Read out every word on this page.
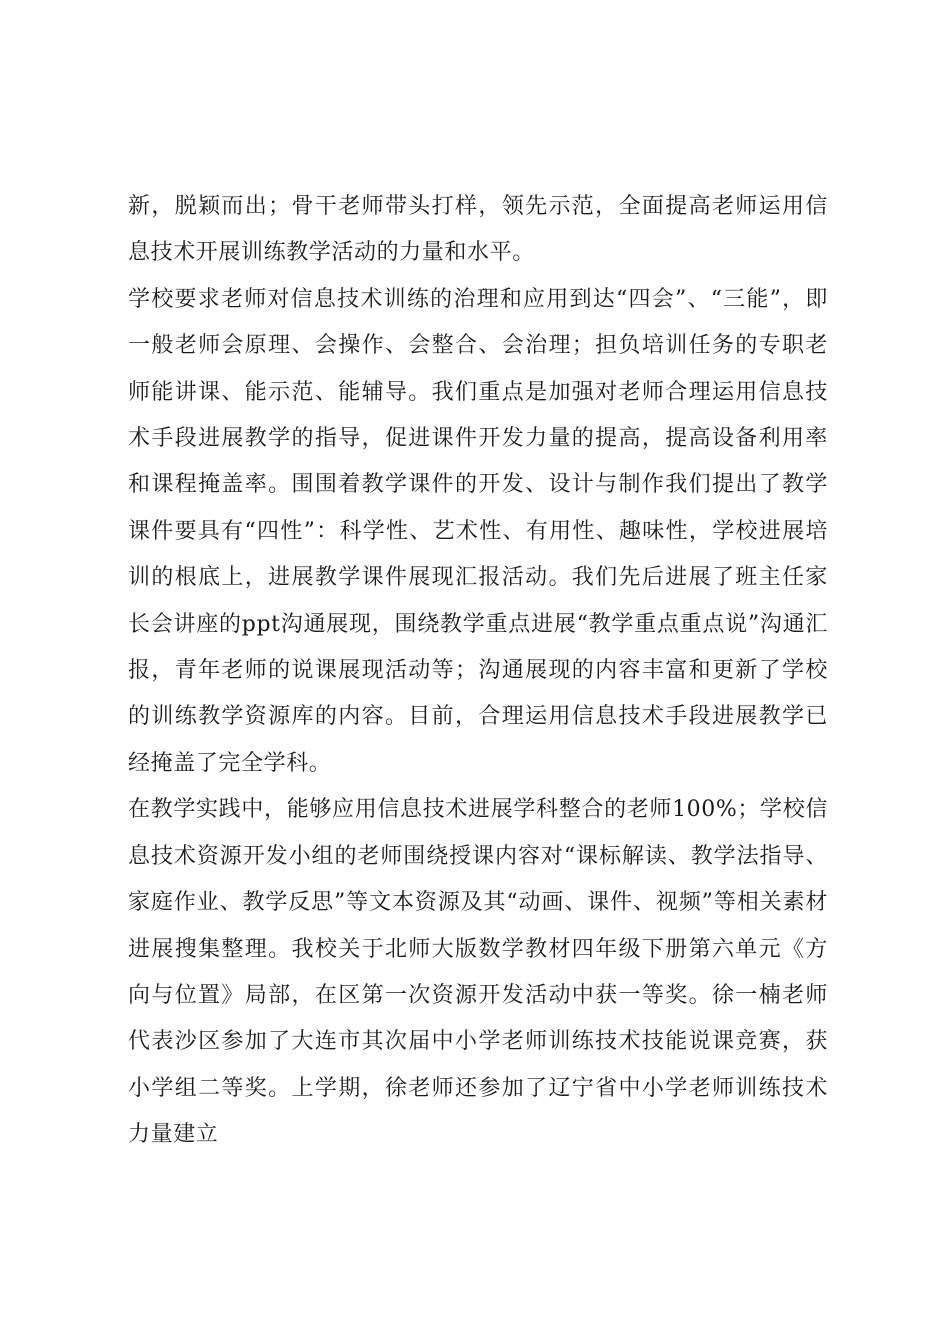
新，脱颖而出；骨干老师带头打样，领先示范，全面提高老师运用信息技术开展训练教学活动的力量和水平。

学校要求老师对信息技术训练的治理和应用到达“四会”、“三能”，即一般老师会原理、会操作、会整合、会治理；担负培训任务的专职老师能讲课、能示范、能辅导。我们重点是加强对老师合理运用信息技术手段进展教学的指导，促进课件开发力量的提高，提高设备利用率和课程掩盖率。围围着教学课件的开发、设计与制作我们提出了教学课件要具有“四性”：科学性、艺术性、有用性、趣味性，学校进展培训的根底上，进展教学课件展现汇报活动。我们先后进展了班主任家长会讲座的ppt沟通展现，围绕教学重点进展“教学重点重点说”沟通汇报，青年老师的说课展现活动等；沟通展现的内容丰富和更新了学校的训练教学资源库的内容。目前，合理运用信息技术手段进展教学已经掩盖了完全学科。

在教学实践中，能够应用信息技术进展学科整合的老师100%；学校信息技术资源开发小组的老师围绕授课内容对“课标解读、教学法指导、家庭作业、教学反思”等文本资源及其“动画、课件、视频”等相关素材进展搜集整理。我校关于北师大版数学教材四年级下册第六单元《方向与位置》局部，在区第一次资源开发活动中获一等奖。徐一楠老师代表沙区参加了大连市其次届中小学老师训练技术技能说课竞赛，获小学组二等奖。上学期，徐老师还参加了辽宁省中小学老师训练技术力量建立
